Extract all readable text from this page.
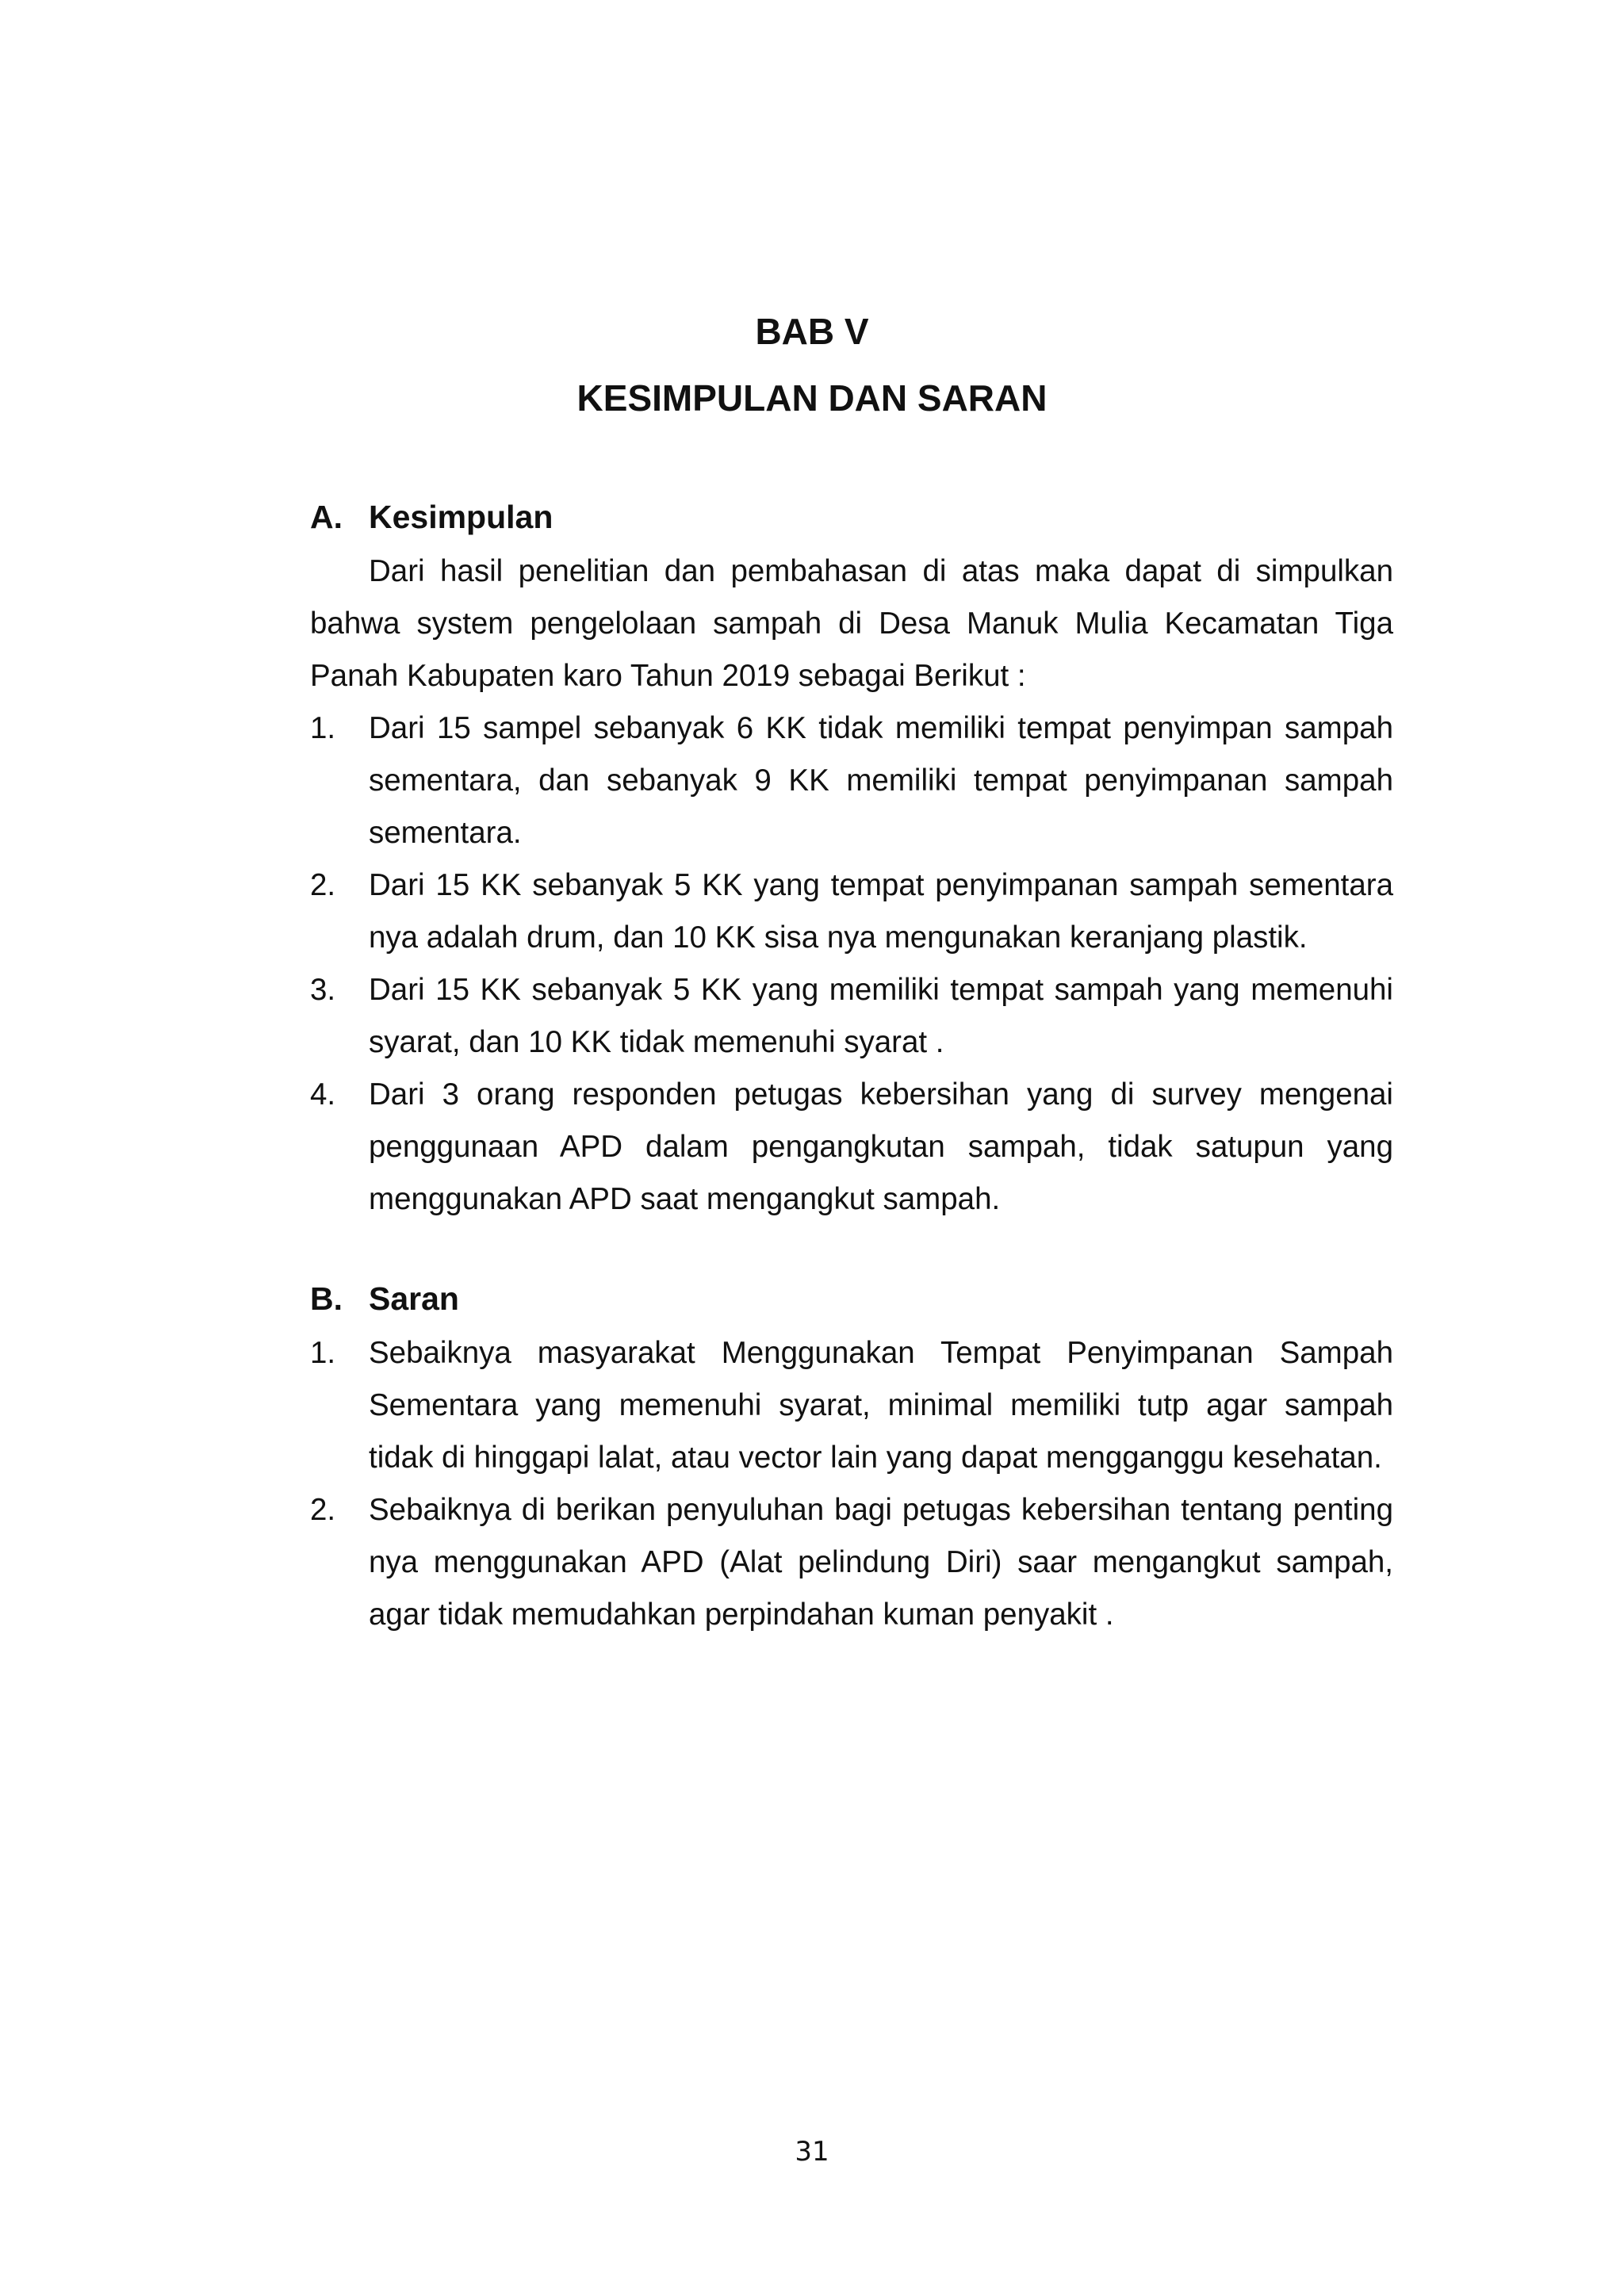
BAB V
KESIMPULAN DAN SARAN
A. Kesimpulan

Dari hasil penelitian dan pembahasan di atas maka dapat di simpulkan bahwa system pengelolaan sampah di Desa Manuk Mulia Kecamatan Tiga Panah Kabupaten karo Tahun 2019 sebagai Berikut :

1. Dari 15 sampel sebanyak 6 KK tidak memiliki tempat penyimpan sampah sementara, dan sebanyak 9 KK memiliki tempat penyimpanan sampah sementara.
2. Dari 15 KK sebanyak 5 KK yang tempat penyimpanan sampah sementara nya adalah drum, dan 10 KK sisa nya mengunakan keranjang plastik.
3. Dari 15 KK sebanyak 5 KK yang memiliki tempat sampah yang memenuhi syarat, dan 10 KK tidak memenuhi syarat .
4. Dari 3 orang responden petugas kebersihan yang di survey mengenai penggunaan APD dalam pengangkutan sampah, tidak satupun yang menggunakan APD saat mengangkut sampah.
B. Saran
1. Sebaiknya masyarakat Menggunakan Tempat Penyimpanan Sampah Sementara yang memenuhi syarat, minimal memiliki tutp agar sampah tidak di hinggapi lalat, atau vector lain yang dapat mengganggu kesehatan.
2. Sebaiknya di berikan penyuluhan bagi petugas kebersihan tentang penting nya menggunakan APD (Alat pelindung Diri) saar mengangkut sampah, agar tidak memudahkan perpindahan kuman penyakit .

31
